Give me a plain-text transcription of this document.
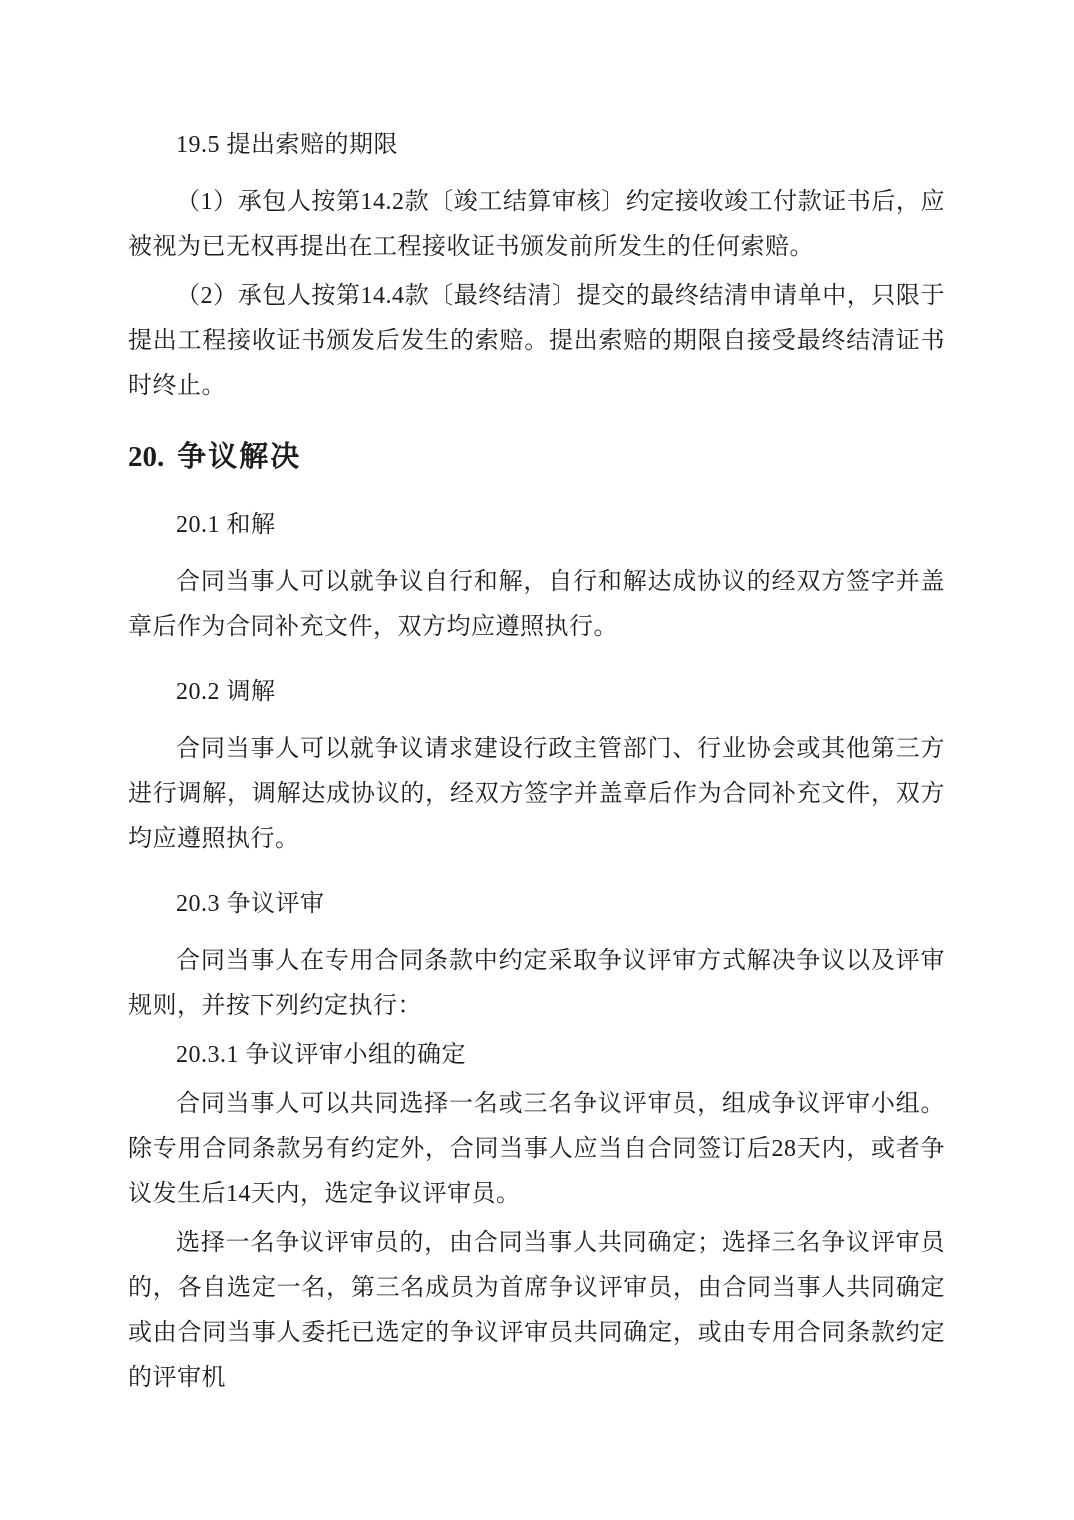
19.5 提出索赔的期限
（1）承包人按第14.2款〔竣工结算审核〕约定接收竣工付款证书后，应被视为已无权再提出在工程接收证书颁发前所发生的任何索赔。
（2）承包人按第14.4款〔最终结清〕提交的最终结清申请单中，只限于提出工程接收证书颁发后发生的索赔。提出索赔的期限自接受最终结清证书时终止。
20. 争议解决
20.1 和解
合同当事人可以就争议自行和解，自行和解达成协议的经双方签字并盖章后作为合同补充文件，双方均应遵照执行。
20.2 调解
合同当事人可以就争议请求建设行政主管部门、行业协会或其他第三方进行调解，调解达成协议的，经双方签字并盖章后作为合同补充文件，双方均应遵照执行。
20.3 争议评审
合同当事人在专用合同条款中约定采取争议评审方式解决争议以及评审规则，并按下列约定执行：
20.3.1 争议评审小组的确定
合同当事人可以共同选择一名或三名争议评审员，组成争议评审小组。除专用合同条款另有约定外，合同当事人应当自合同签订后28天内，或者争议发生后14天内，选定争议评审员。
选择一名争议评审员的，由合同当事人共同确定；选择三名争议评审员的，各自选定一名，第三名成员为首席争议评审员，由合同当事人共同确定或由合同当事人委托已选定的争议评审员共同确定，或由专用合同条款约定的评审机
